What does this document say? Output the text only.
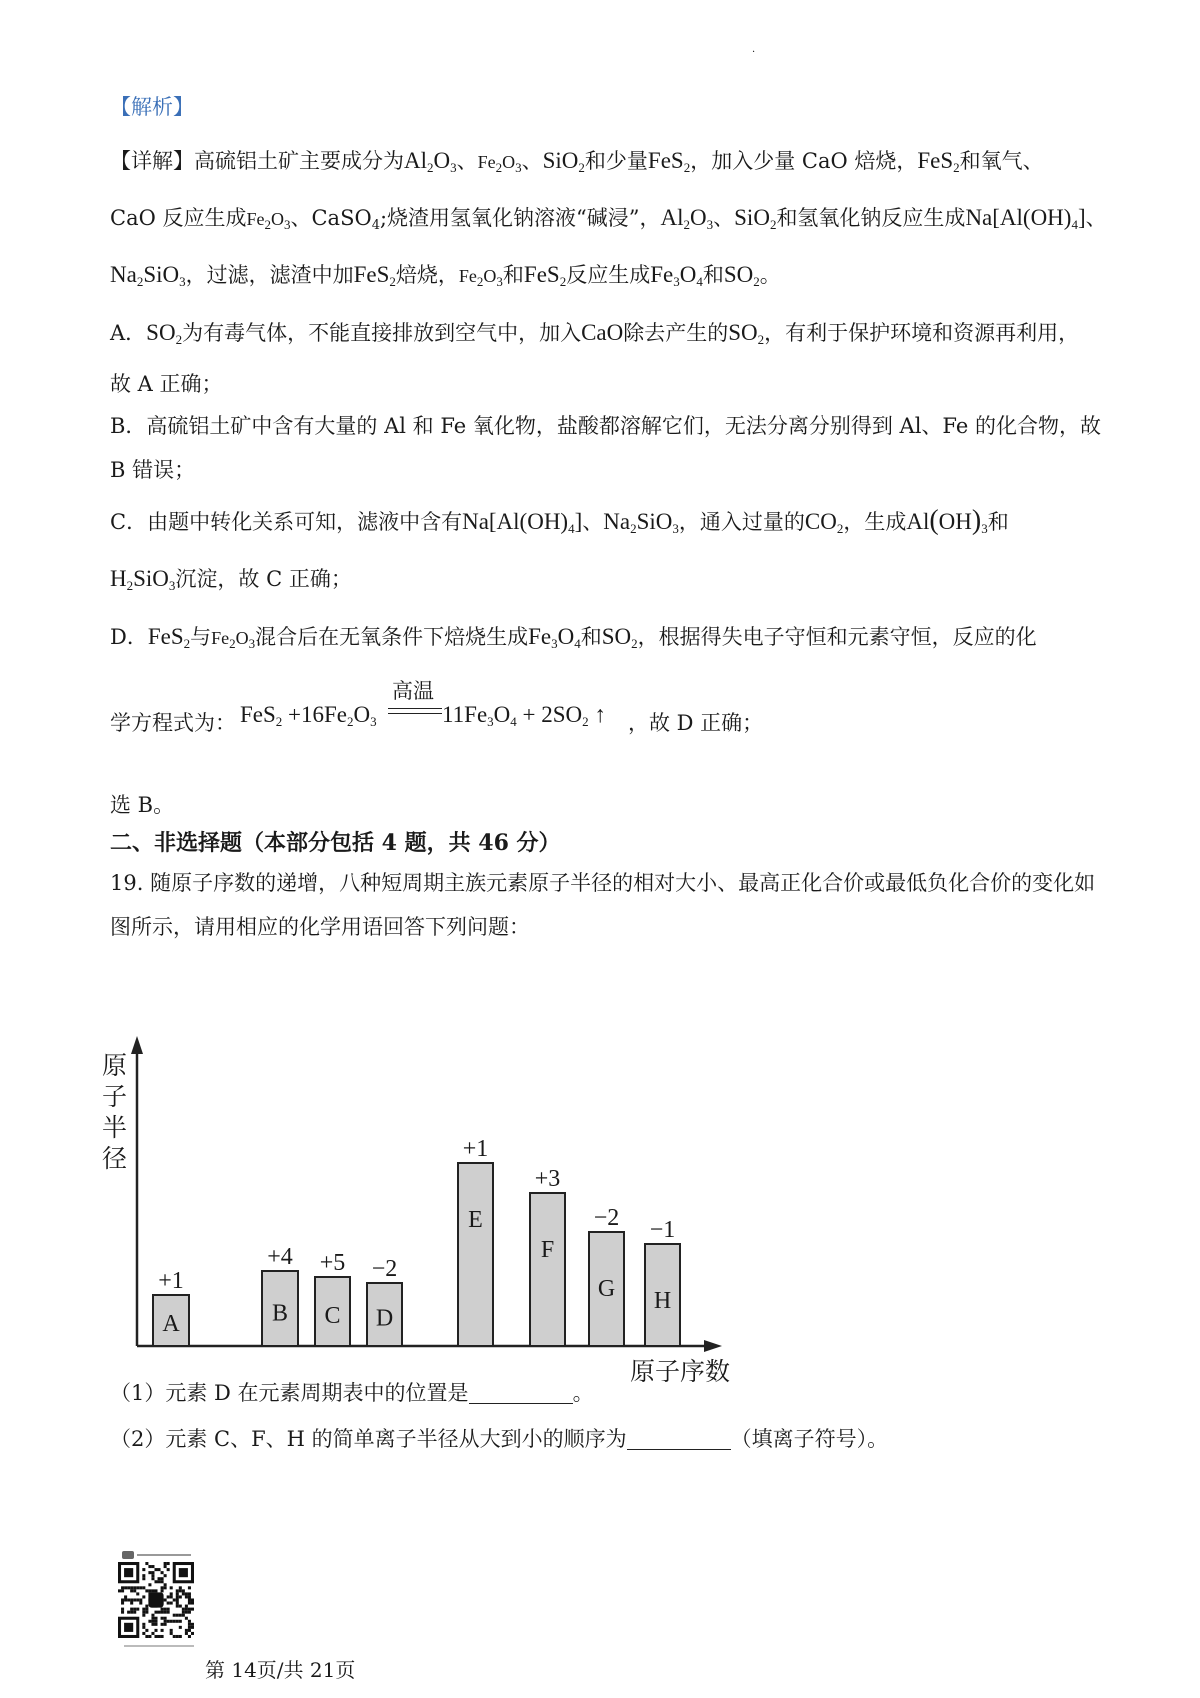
·
【解析】
【详解】高硫铝土矿主要成分为$Al_2O_3$、$Fe_2O_3$、SiO$_2$和少量FeS$_2$，加入少量 CaO 焙烧，FeS$_2$和氧气、
CaO 反应生成$Fe_2O_3$、CaSO$_4$;烧渣用氢氧化钠溶液“碱浸”，$Al_2O_3$、SiO$_2$和氢氧化钠反应生成$Na[Al(OH)_4]$、
$Na_2SiO_3$，过滤，滤渣中加FeS$_2$焙烧，$Fe_2O_3$和FeS$_2$反应生成$Fe_3O_4$和$SO_2$。
A．$SO_2$为有毒气体，不能直接排放到空气中，加入CaO除去产生的$SO_2$，有利于保护环境和资源再利用，
故 A 正确；
B．高硫铝土矿中含有大量的 Al 和 Fe 氧化物，盐酸都溶解它们，无法分离分别得到 Al、Fe 的化合物，故
B 错误；
C．由题中转化关系可知，滤液中含有$Na[Al(OH)_4]$、$Na_2SiO_3$，通入过量的$CO_2$，生成$Al(OH)_3$和
$H_2SiO_3$沉淀，故 C 正确；
D．FeS$_2$与$Fe_2O_3$混合后在无氧条件下焙烧生成$Fe_3O_4$和$SO_2$，根据得失电子守恒和元素守恒，反应的化
学方程式为： $FeS_2 +16Fe_2O_3$
高温
$11Fe_3O_4 + 2SO_2$ ↑ ，故 D 正确；
选 B。
二、非选择题（本部分包括 4 题，共 46 分）
19. 随原子序数的递增，八种短周期主族元素原子半径的相对大小、最高正化合价或最低负化合价的变化如
图所示，请用相应的化学用语回答下列问题：
原
子
半
径
原子序数
A
+1
B
+4
C
+5
D
−2
E
+1
F
+3
G
−2
H
−1
（1）元素 D 在元素周期表中的位置是	。
（2）元素 C、F、H 的简单离子半径从大到小的顺序为	（填离子符号）。
第 14页/共 21页
